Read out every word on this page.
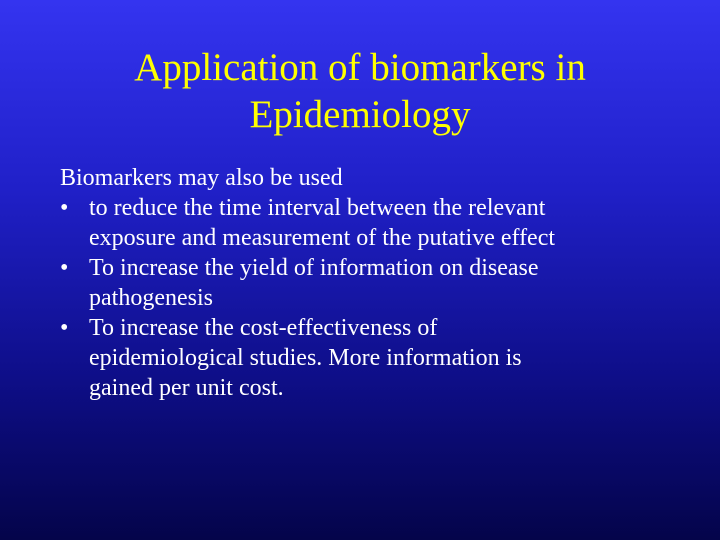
Application of biomarkers in
Epidemiology

Biomarkers may also be used

• to reduce the time interval between the relevant
exposure and measurement of the putative effect
• To increase the yield of information on disease
pathogenesis
• To increase the cost-effectiveness of
epidemiological studies. More information is
gained per unit cost.
